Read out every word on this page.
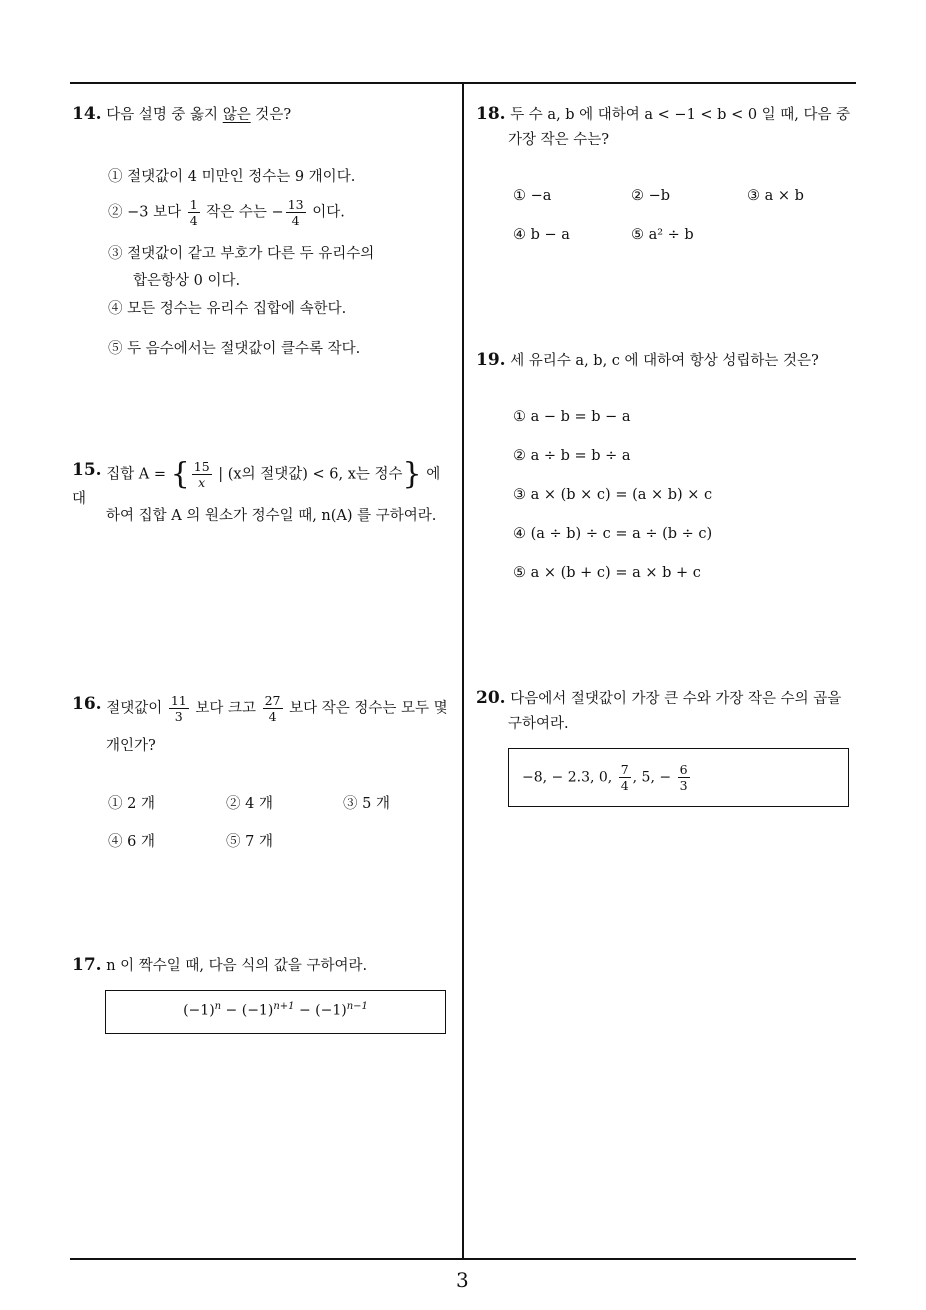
3
14. 다음 설명 중 옳지 않은 것은?
① 절댓값이 4 미만인 정수는 9 개이다.
② −3 보다 $\frac{1}{4}$ 작은 수는 − $\frac{13}{4}$ 이다.
③ 절댓값이 같고 부호가 다른 두 유리수의
합은항상 0 이다.
④ 모든 정수는 유리수 집합에 속한다.
⑤ 두 음수에서는 절댓값이 클수록 작다.
15. 집합 A = { $\frac{15}{x}$ | (x의 절댓값) < 6, x는 정수} 에 대
하여 집합 A 의 원소가 정수일 때, n(A) 를 구하여라.
16. 절댓값이 $\frac{11}{3}$ 보다 크고 $\frac{27}{4}$ 보다 작은 정수는 모두 몇
개인가?
① 2 개	② 4 개	③ 5 개
④ 6 개	⑤ 7 개
17. n 이 짝수일 때, 다음 식의 값을 구하여라.
$(-1)^n - (-1)^{n+1} - (-1)^{n-1}$
18. 두 수 a, b 에 대하여 a < −1 < b < 0 일 때, 다음 중
가장 작은 수는?
① −a	② −b	③ a × b
④ b − a	⑤ a² ÷ b
19. 세 유리수 a, b, c 에 대하여 항상 성립하는 것은?
① a − b = b − a
② a ÷ b = b ÷ a
③ a × (b × c) = (a × b) × c
④ (a ÷ b) ÷ c = a ÷ (b ÷ c)
⑤ a × (b + c) = a × b + c
20. 다음에서 절댓값이 가장 큰 수와 가장 작은 수의 곱을
구하여라.
−8, − 2.3, 0, $\frac{7}{4}$ , 5, − $\frac{6}{3}$
